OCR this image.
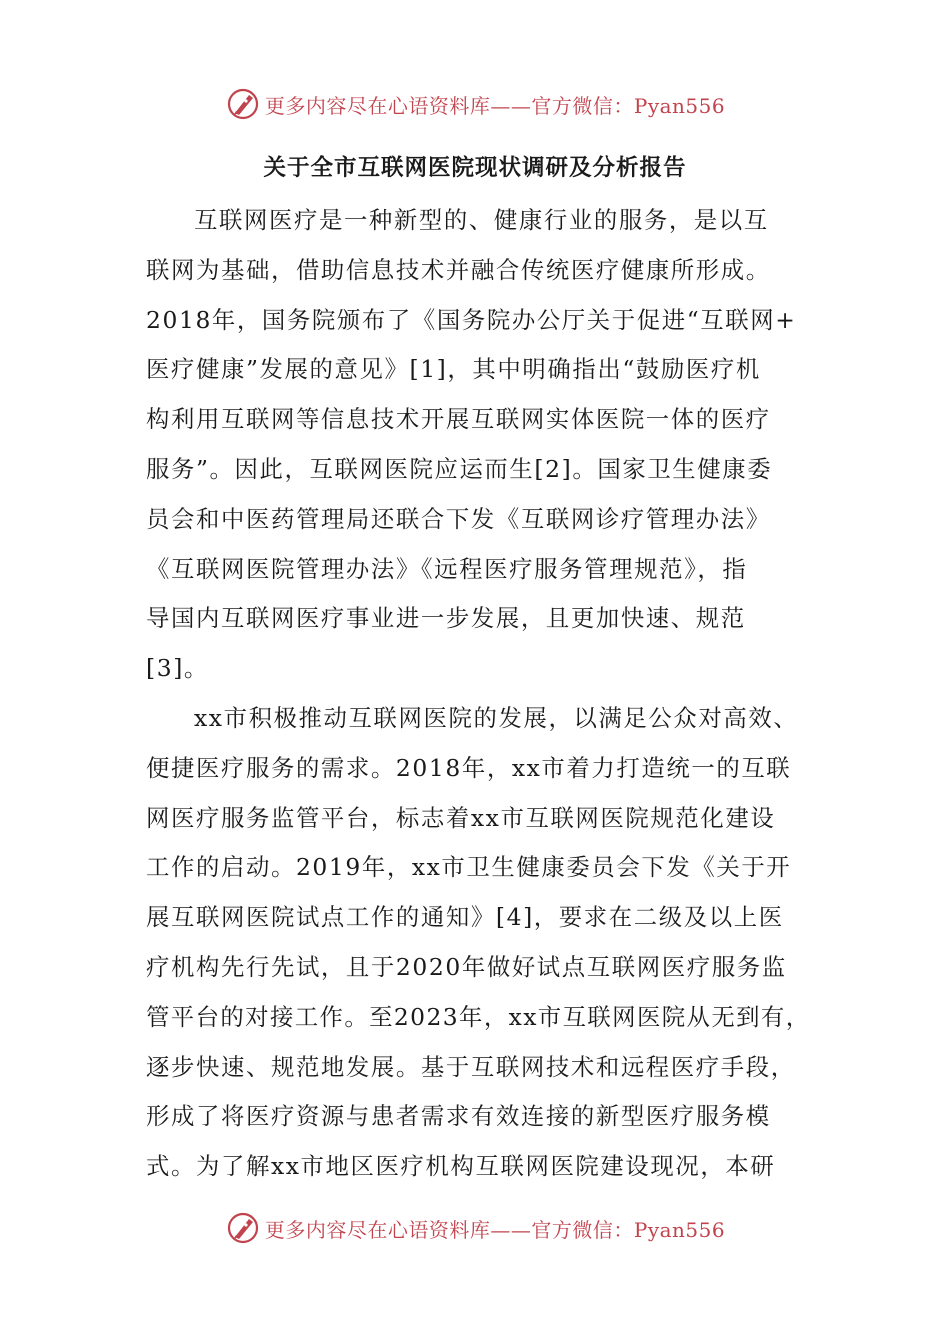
更多内容尽在心语资料库——官方微信：Pyan556
关于全市互联网医院现状调研及分析报告
互联网医疗是一种新型的、健康行业的服务，是以互
联网为基础，借助信息技术并融合传统医疗健康所形成。
2018年，国务院颁布了《国务院办公厅关于促进“互联网+
医疗健康”发展的意见》[1]，其中明确指出“鼓励医疗机
构利用互联网等信息技术开展互联网实体医院一体的医疗
服务”。因此，互联网医院应运而生[2]。国家卫生健康委
员会和中医药管理局还联合下发《互联网诊疗管理办法》
《互联网医院管理办法》《远程医疗服务管理规范》，指
导国内互联网医疗事业进一步发展，且更加快速、规范
[3]。
xx市积极推动互联网医院的发展，以满足公众对高效、
便捷医疗服务的需求。2018年，xx市着力打造统一的互联
网医疗服务监管平台，标志着xx市互联网医院规范化建设
工作的启动。2019年，xx市卫生健康委员会下发《关于开
展互联网医院试点工作的通知》[4]，要求在二级及以上医
疗机构先行先试，且于2020年做好试点互联网医疗服务监
管平台的对接工作。至2023年，xx市互联网医院从无到有，
逐步快速、规范地发展。基于互联网技术和远程医疗手段，
形成了将医疗资源与患者需求有效连接的新型医疗服务模
式。为了解xx市地区医疗机构互联网医院建设现况，本研
更多内容尽在心语资料库——官方微信：Pyan556
